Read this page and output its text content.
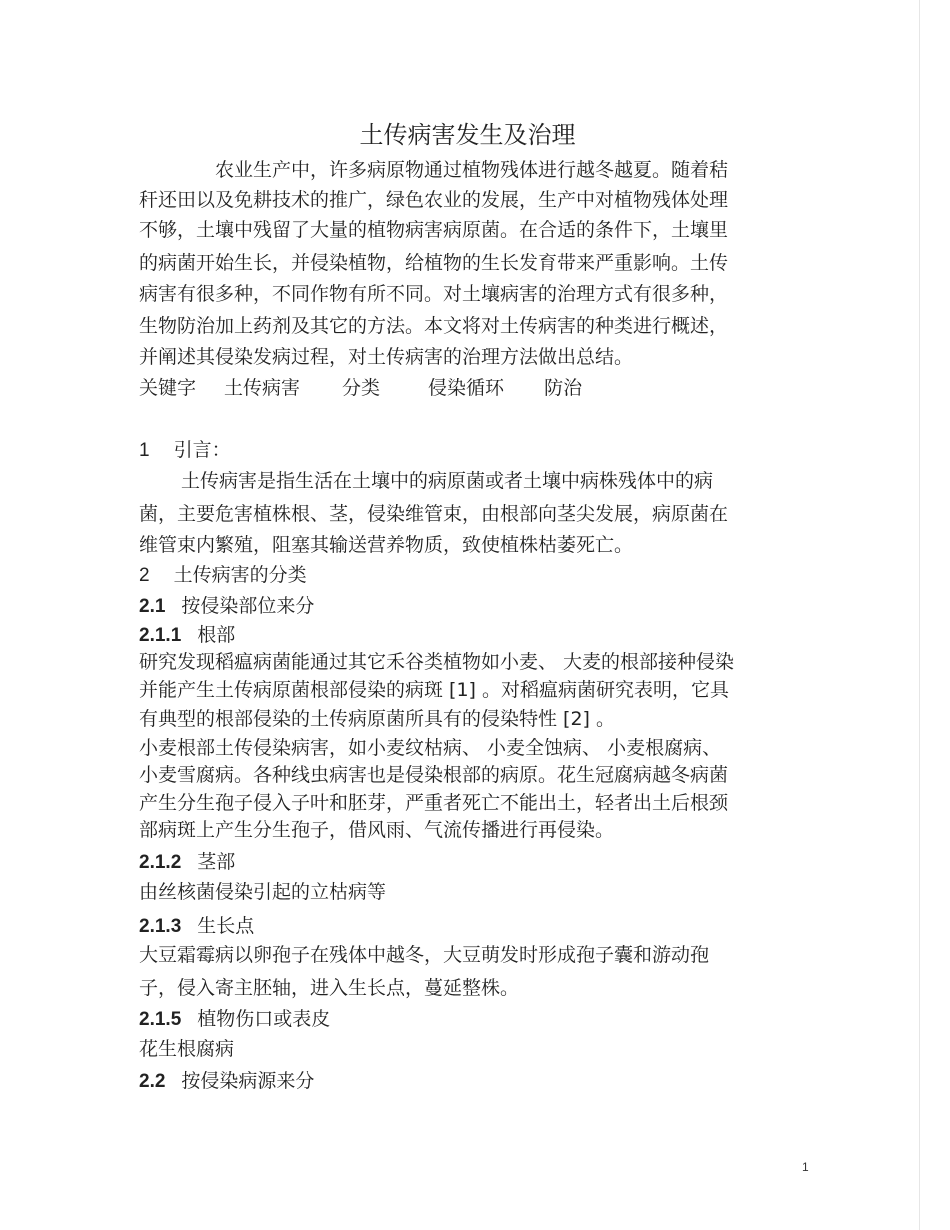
土传病害发生及治理
农业生产中，许多病原物通过植物残体进行越冬越夏。随着秸
秆还田以及免耕技术的推广，绿色农业的发展，生产中对植物残体处理
不够，土壤中残留了大量的植物病害病原菌。在合适的条件下，土壤里
的病菌开始生长，并侵染植物，给植物的生长发育带来严重影响。土传
病害有很多种，不同作物有所不同。对土壤病害的治理方式有很多种，
生物防治加上药剂及其它的方法。本文将对土传病害的种类进行概述，
并阐述其侵染发病过程，对土传病害的治理方法做出总结。
关键字 土传病害 分类	侵染循环 防治
1 引言：
土传病害是指生活在土壤中的病原菌或者土壤中病株残体中的病
菌，主要危害植株根、茎，侵染维管束，由根部向茎尖发展，病原菌在
维管束内繁殖，阻塞其输送营养物质，致使植株枯萎死亡。
2 土传病害的分类
2.1 按侵染部位来分
2.1.1 根部
研究发现稻瘟病菌能通过其它禾谷类植物如小麦、 大麦的根部接种侵染
并能产生土传病原菌根部侵染的病斑 [1] 。对稻瘟病菌研究表明，它具
有典型的根部侵染的土传病原菌所具有的侵染特性 [2] 。
小麦根部土传侵染病害，如小麦纹枯病、 小麦全蚀病、 小麦根腐病、
小麦雪腐病。各种线虫病害也是侵染根部的病原。花生冠腐病越冬病菌
产生分生孢子侵入子叶和胚芽，严重者死亡不能出土，轻者出土后根颈
部病斑上产生分生孢子，借风雨、气流传播进行再侵染。
2.1.2 茎部
由丝核菌侵染引起的立枯病等
2.1.3 生长点
大豆霜霉病以卵孢子在残体中越冬，大豆萌发时形成孢子囊和游动孢
子，侵入寄主胚轴，进入生长点，蔓延整株。
2.1.5 植物伤口或表皮
花生根腐病
2.2 按侵染病源来分
1
